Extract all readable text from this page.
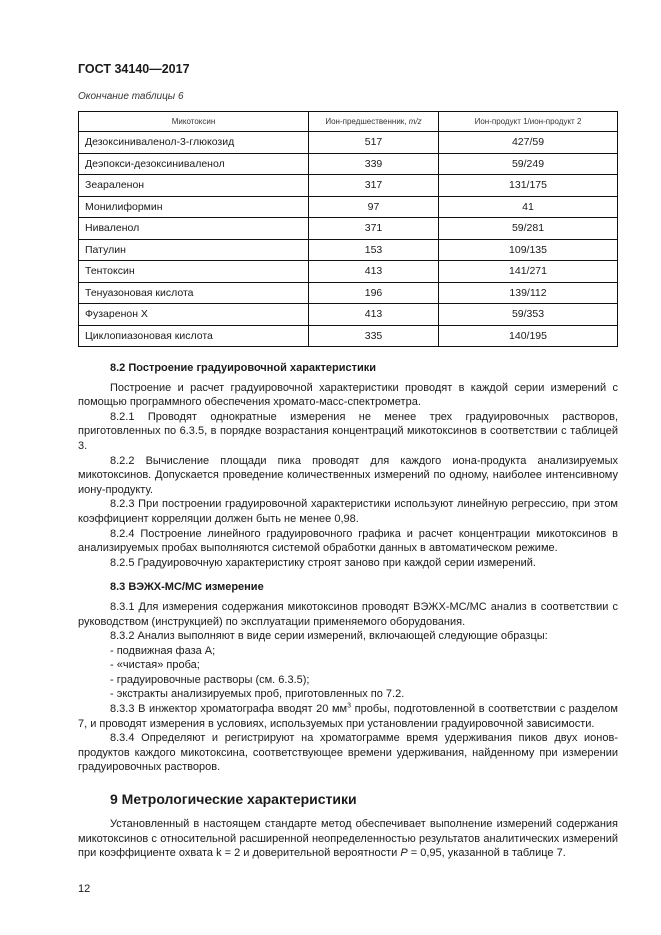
ГОСТ 34140—2017
Окончание таблицы 6
Микотоксин	Ион-предшественник, m/z	Ион-продукт 1/ион-продукт 2
Дезоксиниваленол-3-глюкозид	517	427/59
Деэпокси-дезоксиниваленол	339	59/249
Зеараленон	317	131/175
Монилиформин	97	41
Ниваленол	371	59/281
Патулин	153	109/135
Тентоксин	413	141/271
Тенуазоновая кислота	196	139/112
Фузаренон Х	413	59/353
Циклопиазоновая кислота	335	140/195
8.2 Построение градуировочной характеристики

Построение и расчет градуировочной характеристики проводят в каждой серии измерений с помощью программного обеспечения хромато-масс-спектрометра.

8.2.1 Проводят однократные измерения не менее трех градуировочных растворов, приготовленных по 6.3.5, в порядке возрастания концентраций микотоксинов в соответствии с таблицей 3.

8.2.2 Вычисление площади пика проводят для каждого иона-продукта анализируемых микотоксинов. Допускается проведение количественных измерений по одному, наиболее интенсивному иону-продукту.

8.2.3 При построении градуировочной характеристики используют линейную регрессию, при этом коэффициент корреляции должен быть не менее 0,98.

8.2.4 Построение линейного градуировочного графика и расчет концентрации микотоксинов в анализируемых пробах выполняются системой обработки данных в автоматическом режиме.

8.2.5 Градуировочную характеристику строят заново при каждой серии измерений.

8.3 ВЭЖХ-МС/МС измерение

8.3.1 Для измерения содержания микотоксинов проводят ВЭЖХ-МС/МС анализ в соответствии с руководством (инструкцией) по эксплуатации применяемого оборудования.

8.3.2 Анализ выполняют в виде серии измерений, включающей следующие образцы:

- подвижная фаза А;

- «чистая» проба;

- градуировочные растворы (см. 6.3.5);

- экстракты анализируемых проб, приготовленных по 7.2.

8.3.3 В инжектор хроматографа вводят 20 $мм^3$ пробы, подготовленной в соответствии с разделом 7, и проводят измерения в условиях, используемых при установлении градуировочной зависимости.

8.3.4 Определяют и регистрируют на хроматограмме время удерживания пиков двух ионов-продуктов каждого микотоксина, соответствующее времени удерживания, найденному при измерении градуировочных растворов.

9 Метрологические характеристики

Установленный в настоящем стандарте метод обеспечивает выполнение измерений содержания микотоксинов с относительной расширенной неопределенностью результатов аналитических измерений при коэффициенте охвата k = 2 и доверительной вероятности P = 0,95, указанной в таблице 7.

12
